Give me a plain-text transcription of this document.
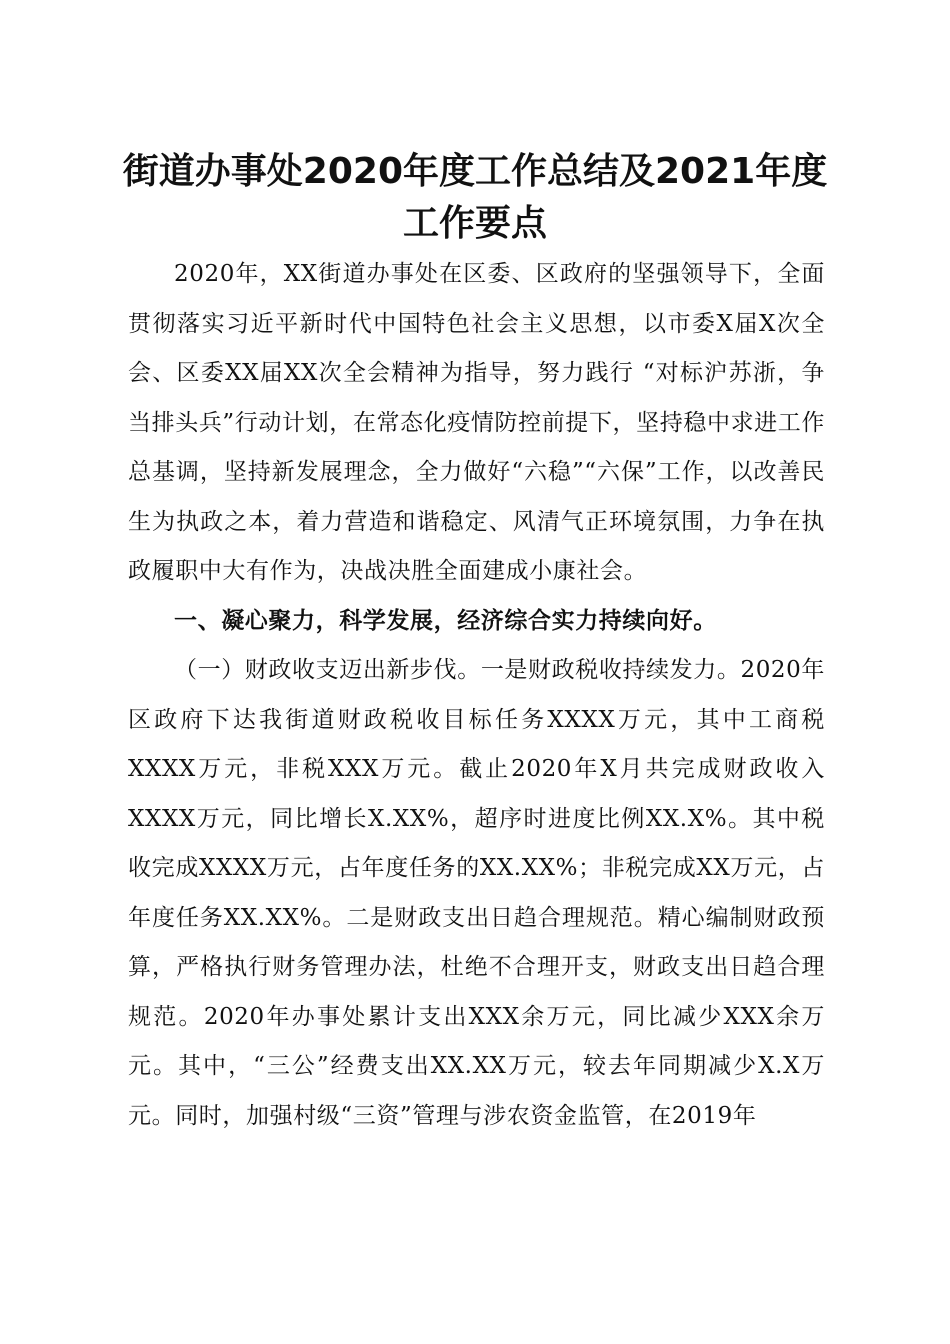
街道办事处2020年度工作总结及2021年度工作要点

2020年，XX街道办事处在区委、区政府的坚强领导下，全面贯彻落实习近平新时代中国特色社会主义思想，以市委X届X次全会、区委XX届XX次全会精神为指导，努力践行 “对标沪苏浙，争当排头兵”行动计划，在常态化疫情防控前提下，坚持稳中求进工作总基调，坚持新发展理念，全力做好“六稳”“六保”工作，以改善民生为执政之本，着力营造和谐稳定、风清气正环境氛围，力争在执政履职中大有作为，决战决胜全面建成小康社会。

一、凝心聚力，科学发展，经济综合实力持续向好。

（一）财政收支迈出新步伐。一是财政税收持续发力。2020年区政府下达我街道财政税收目标任务XXXX万元，其中工商税XXXX万元，非税XXX万元。截止2020年X月共完成财政收入XXXX万元，同比增长X.XX%，超序时进度比例XX.X%。其中税收完成XXXX万元，占年度任务的XX.XX%；非税完成XX万元，占年度任务XX.XX%。二是财政支出日趋合理规范。精心编制财政预算，严格执行财务管理办法，杜绝不合理开支，财政支出日趋合理规范。2020年办事处累计支出XXX余万元，同比减少XXX余万元。其中，“三公”经费支出XX.XX万元，较去年同期减少X.X万元。同时，加强村级“三资”管理与涉农资金监管，在2019年
